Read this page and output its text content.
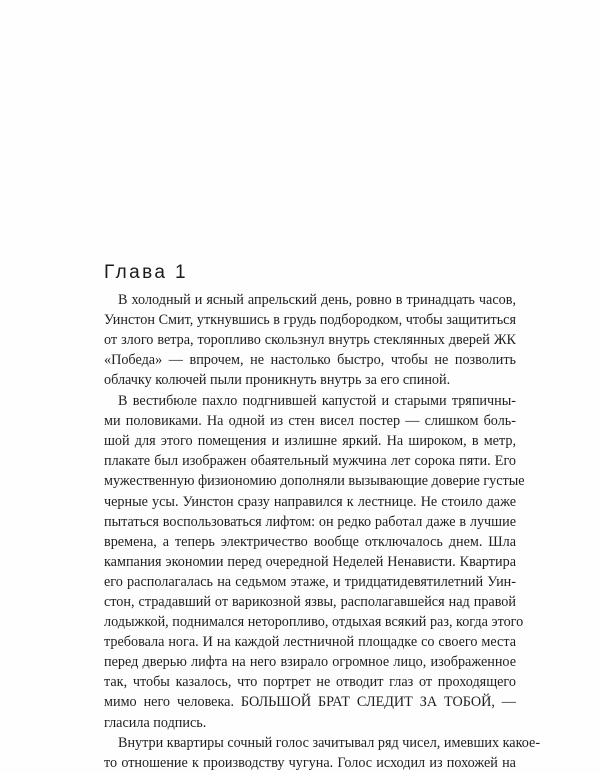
Глава 1

В холодный и ясный апрельский день, ровно в тринадцать часов,
Уинстон Смит, уткнувшись в грудь подбородком, чтобы защититься
от злого ветра, торопливо скользнул внутрь стеклянных дверей ЖК
«Победа» — впрочем, не настолько быстро, чтобы не позволить
облачку колючей пыли проникнуть внутрь за его спиной.

В вестибюле пахло подгнившей капустой и старыми тряпичны-
ми половиками. На одной из стен висел постер — слишком боль-
шой для этого помещения и излишне яркий. На широком, в метр,
плакате был изображен обаятельный мужчина лет сорока пяти. Его
мужественную физиономию дополняли вызывающие доверие густые
черные усы. Уинстон сразу направился к лестнице. Не стоило даже
пытаться воспользоваться лифтом: он редко работал даже в лучшие
времена, а теперь электричество вообще отключалось днем. Шла
кампания экономии перед очередной Неделей Ненависти. Квартира
его располагалась на седьмом этаже, и тридцатидевятилетний Уин-
стон, страдавший от варикозной язвы, располагавшейся над правой
лодыжкой, поднимался неторопливо, отдыхая всякий раз, когда этого
требовала нога. И на каждой лестничной площадке со своего места
перед дверью лифта на него взирало огромное лицо, изображенное
так, чтобы казалось, что портрет не отводит глаз от проходящего
мимо него человека. БОЛЬШОЙ БРАТ СЛЕДИТ ЗА ТОБОЙ, —
гласила подпись.

Внутри квартиры сочный голос зачитывал ряд чисел, имевших какое-
то отношение к производству чугуна. Голос исходил из похожей на
